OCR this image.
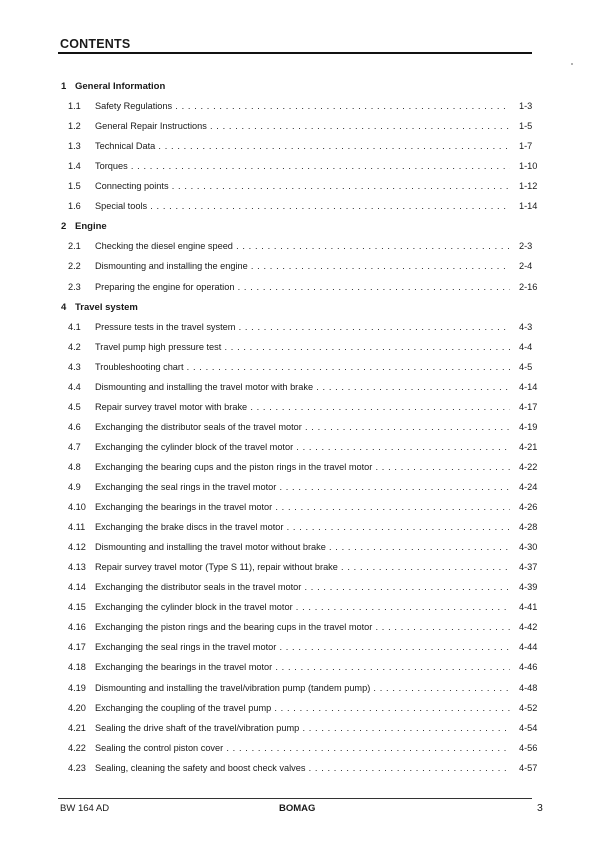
CONTENTS
1 General Information
1.1 Safety Regulations . . .	1-3
1.2 General Repair Instructions . . .	1-5
1.3 Technical Data . . .	1-7
1.4 Torques . . .	1-10
1.5 Connecting points . . .	1-12
1.6 Special tools . . .	1-14
2 Engine
2.1 Checking the diesel engine speed . . .	2-3
2.2 Dismounting and installing the engine . . .	2-4
2.3 Preparing the engine for operation . . .	2-16
4 Travel system
4.1 Pressure tests in the travel system . . .	4-3
4.2 Travel pump high pressure test . . .	4-4
4.3 Troubleshooting chart . . .	4-5
4.4 Dismounting and installing the travel motor with brake . . .	4-14
4.5 Repair survey travel motor with brake . . .	4-17
4.6 Exchanging the distributor seals of the travel motor . . .	4-19
4.7 Exchanging the cylinder block of the travel motor . . .	4-21
4.8 Exchanging the bearing cups and the piston rings in the travel motor . . .	4-22
4.9 Exchanging the seal rings in the travel motor . . .	4-24
4.10 Exchanging the bearings in the travel motor . . .	4-26
4.11 Exchanging the brake discs in the travel motor . . .	4-28
4.12 Dismounting and installing the travel motor without brake . . .	4-30
4.13 Repair survey travel motor (Type S 11), repair without brake . . .	4-37
4.14 Exchanging the distributor seals in the travel motor . . .	4-39
4.15 Exchanging the cylinder block in the travel motor . . .	4-41
4.16 Exchanging the piston rings and the bearing cups in the travel motor . . .	4-42
4.17 Exchanging the seal rings in the travel motor . . .	4-44
4.18 Exchanging the bearings in the travel motor . . .	4-46
4.19 Dismounting and installing the travel/vibration pump (tandem pump) . . .	4-48
4.20 Exchanging the coupling of the travel pump . . .	4-52
4.21 Sealing the drive shaft of the travel/vibration pump . . .	4-54
4.22 Sealing the control piston cover . . .	4-56
4.23 Sealing, cleaning the safety and boost check valves . . .	4-57
BW 164 AD	BOMAG	3
